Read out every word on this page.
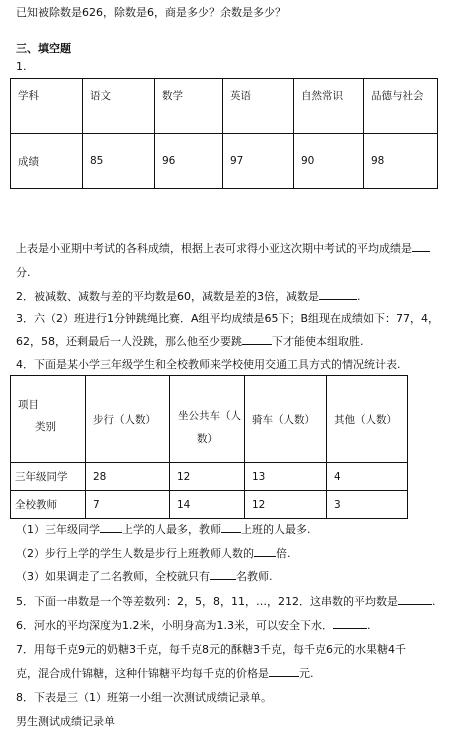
已知被除数是626，除数是6，商是多少？余数是多少？
三、填空题
1.
学科	语文	数学	英语	自然常识	品德与社会
成绩	85	96	97	90	98
上表是小亚期中考试的各科成绩，根据上表可求得小亚这次期中考试的平均成绩是
分.
2．被减数、减数与差的平均数是60，减数是差的3倍，减数是	.
3．六（2）班进行1分钟跳绳比赛．A组平均成绩是65下；B组现在成绩如下：77，4，
62，58，还剩最后一人没跳，那么他至少要跳	下才能使本组取胜.
4．下面是某小学三年级学生和全校教师来学校使用交通工具方式的情况统计表.
项目
类别	步行（人数）	坐公共车（人
数）	骑车（人数）	其他（人数）
三年级同学	28	12	13	4
全校教师	7	14	12	3
（1）三年级同学 上学的人最多，教师 上班的人最多.
（2）步行上学的学生人数是步行上班教师人数的 倍.
（3）如果调走了二名教师，全校就只有 名教师.
5．下面一串数是一个等差数列：2，5，8，11，…，212．这串数的平均数是	.
6．河水的平均深度为1.2米，小明身高为1.3米，可以安全下水．	.
7．用每千克9元的奶糖3千克，每千克8元的酥糖3千克，每千克6元的水果糖4千
克，混合成什锦糖，这种什锦糖平均每千克的价格是	元.
8．下表是三（1）班第一小组一次测试成绩记录单。
男生测试成绩记录单
